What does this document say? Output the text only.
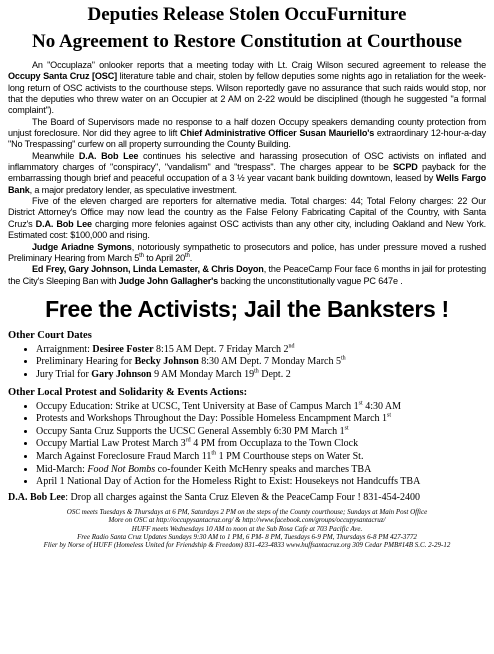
Deputies Release Stolen OccuFurniture
No Agreement to Restore Constitution at Courthouse

An "Occuplaza" onlooker reports that a meeting today with Lt. Craig Wilson secured agreement to release the Occupy Santa Cruz [OSC] literature table and chair, stolen by fellow deputies some nights ago in retaliation for the week-long return of OSC activists to the courthouse steps. Wilson reportedly gave no assurance that such raids would stop, nor that the deputies who threw water on an Occupier at 2 AM on 2-22 would be disciplined (though he suggested "a formal complaint").

The Board of Supervisors made no response to a half dozen Occupy speakers demanding county protection from unjust foreclosure. Nor did they agree to lift Chief Administrative Officer Susan Mauriello's extraordinary 12-hour-a-day "No Trespassing" curfew on all property surrounding the County Building.

Meanwhile D.A. Bob Lee continues his selective and harassing prosecution of OSC activists on inflated and inflammatory charges of "conspiracy", "vandalism" and "trespass". The charges appear to be SCPD payback for the embarrassing though brief and peaceful occupation of a 3 ½ year vacant bank building downtown, leased by Wells Fargo Bank, a major predatory lender, as speculative investment.

Five of the eleven charged are reporters for alternative media. Total charges: 44; Total Felony charges: 22 Our District Attorney's Office may now lead the country as the False Felony Fabricating Capital of the Country, with Santa Cruz's D.A. Bob Lee charging more felonies against OSC activists than any other city, including Oakland and New York. Estimated cost: $100,000 and rising.

Judge Ariadne Symons, notoriously sympathetic to prosecutors and police, has under pressure moved a rushed Preliminary Hearing from March 5th to April 20th.

Ed Frey, Gary Johnson, Linda Lemaster, & Chris Doyon, the PeaceCamp Four face 6 months in jail for protesting the City's Sleeping Ban with Judge John Gallagher's backing the unconstitutionally vague PC 647e .

Free the Activists; Jail the Banksters !
Other Court Dates
• Arraignment: Desiree Foster 8:15 AM Dept. 7 Friday March 2nd
• Preliminary Hearing for Becky Johnson 8:30 AM Dept. 7 Monday March 5th
• Jury Trial for Gary Johnson 9 AM Monday March 19th Dept. 2
Other Local Protest and Solidarity & Events Actions:
• Occupy Education: Strike at UCSC, Tent University at Base of Campus March 1st 4:30 AM
• Protests and Workshops Throughout the Day: Possible Homeless Encampment March 1st
• Occupy Santa Cruz Supports the UCSC General Assembly 6:30 PM March 1st
• Occupy Martial Law Protest March 3rd 4 PM from Occuplaza to the Town Clock
• March Against Foreclosure Fraud March 11th 1 PM Courthouse steps on Water St.
• Mid-March: Food Not Bombs co-founder Keith McHenry speaks and marches TBA
• April 1 National Day of Action for the Homeless Right to Exist: Housekeys not Handcuffs TBA
D.A. Bob Lee: Drop all charges against the Santa Cruz Eleven & the PeaceCamp Four ! 831-454-2400
OSC meets Tuesdays & Thursdays at 6 PM, Saturdays 2 PM on the steps of the County courthouse; Sundays at Main Post Office
More on OSC at http://occupysantacruz.org/ & http://www.facebook.com/groups/occupysantacruz/
HUFF meets Wednesdays 10 AM to noon at the Sub Rosa Cafe at 703 Pacific Ave.
Free Radio Santa Cruz Updates Sundays 9:30 AM to 1 PM, 6 PM- 8 PM, Tuesdays 6-9 PM, Thursdays 6-8 PM 427-3772
Flier by Norse of HUFF (Homeless United for Friendship & Freedom) 831-423-4833 www.huffsantacruz.org 309 Cedar PMB#14B S.C. 2-29-12
